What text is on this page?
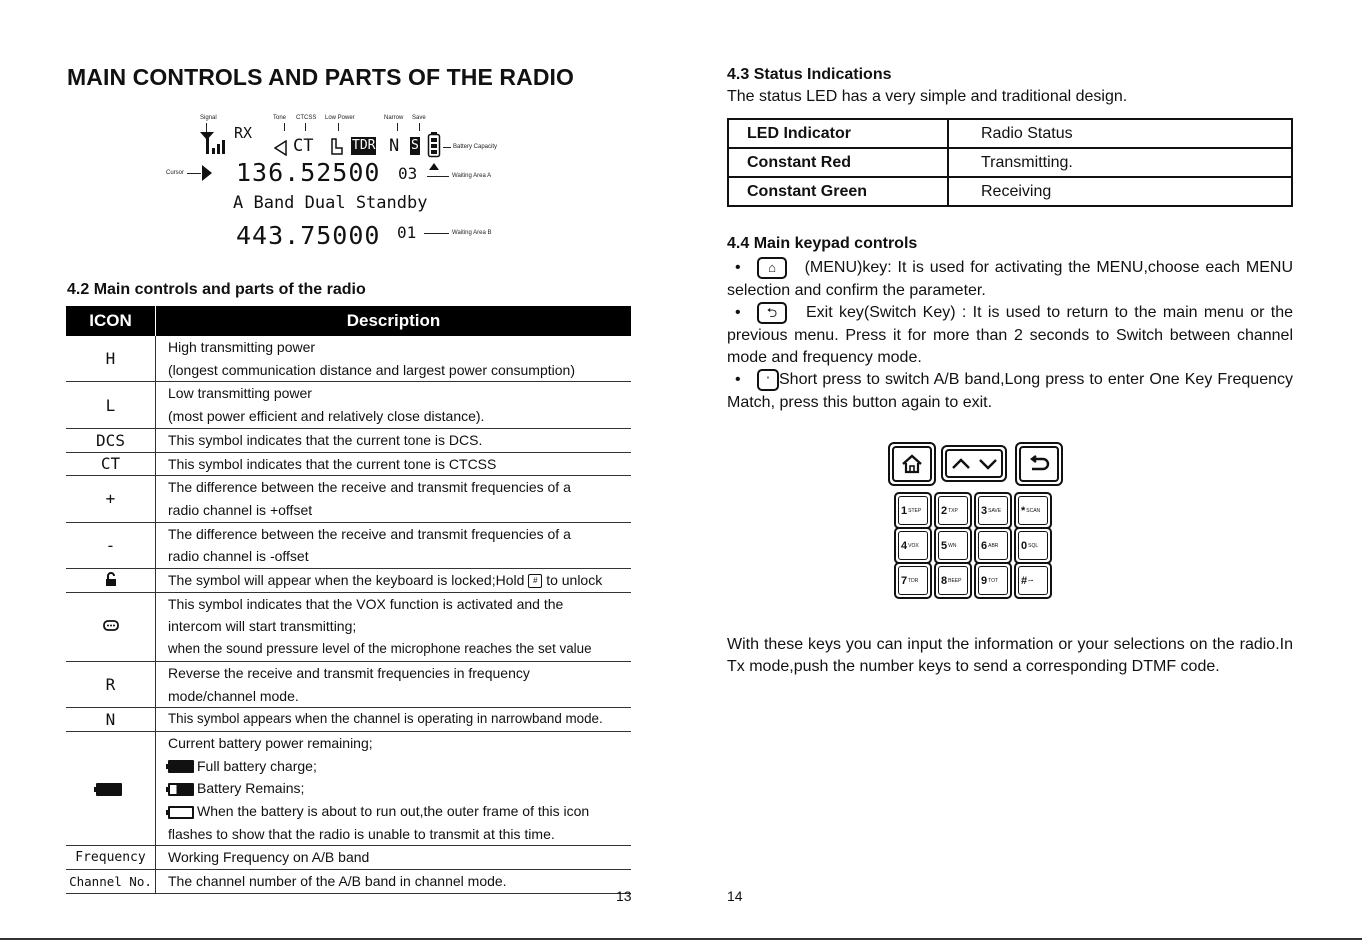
MAIN CONTROLS AND PARTS OF THE RADIO
Signal	Tone CTCSS Low Power	Narrow Save
RX
CT	TDR N S	Battery Capacity
Cursor 136.52500 03	Waiting Area A
A Band Dual Standby
443.75000 01	Waiting Area B
4.2 Main controls and parts of the radio
ICON	Description
H	High transmitting power
(longest communication distance and largest power consumption)

L	Low transmitting power
(most power efficient and relatively close distance).

DCS	This symbol indicates that the current tone is DCS.

CT	This symbol indicates that the current tone is CTCSS

+	The difference between the receive and transmit frequencies of a
radio channel is +offset

-	The difference between the receive and transmit frequencies of a
radio channel is -offset

The symbol will appear when the keyboard is locked;Hold # to unlock

This symbol indicates that the VOX function is activated and the
intercom will start transmitting;
when the sound pressure level of the microphone reaches the set value

R	Reverse the receive and transmit frequencies in frequency
mode/channel mode.

N	This symbol appears when the channel is operating in narrowband mode.

	Current battery power remaining;
Full battery charge;
Battery Remains;
When the battery is about to run out,the outer frame of this icon
flashes to show that the radio is unable to transmit at this time.

Frequency	Working Frequency on A/B band

Channel No.	The channel number of the A/B band in channel mode.
13
4.3 Status Indications
The status LED has a very simple and traditional design.
LED Indicator	Radio Status
Constant Red	Transmitting.
Constant Green	Receiving
4.4 Main keypad controls
• ⌂ (MENU)key: It is used for activating the MENU,choose each MENU selection and confirm the parameter.
• ⮌ Exit key(Switch Key) : It is used to return to the main menu or the previous menu. Press it for more than 2 seconds to Switch between channel mode and frequency mode.
•	* Short press to switch A/B band,Long press to enter One Key Frequency Match, press this button again to exit.
1 STEP 2 TXP 3 SAVE * SCAN
4 VOX 5 WN 6 ABR 0 SQL
7 TDR 8 BEEP 9 TOT # ⊶
With these keys you can input the information or your selections on the radio.In Tx mode,push the number keys to send a corresponding DTMF code.
14
